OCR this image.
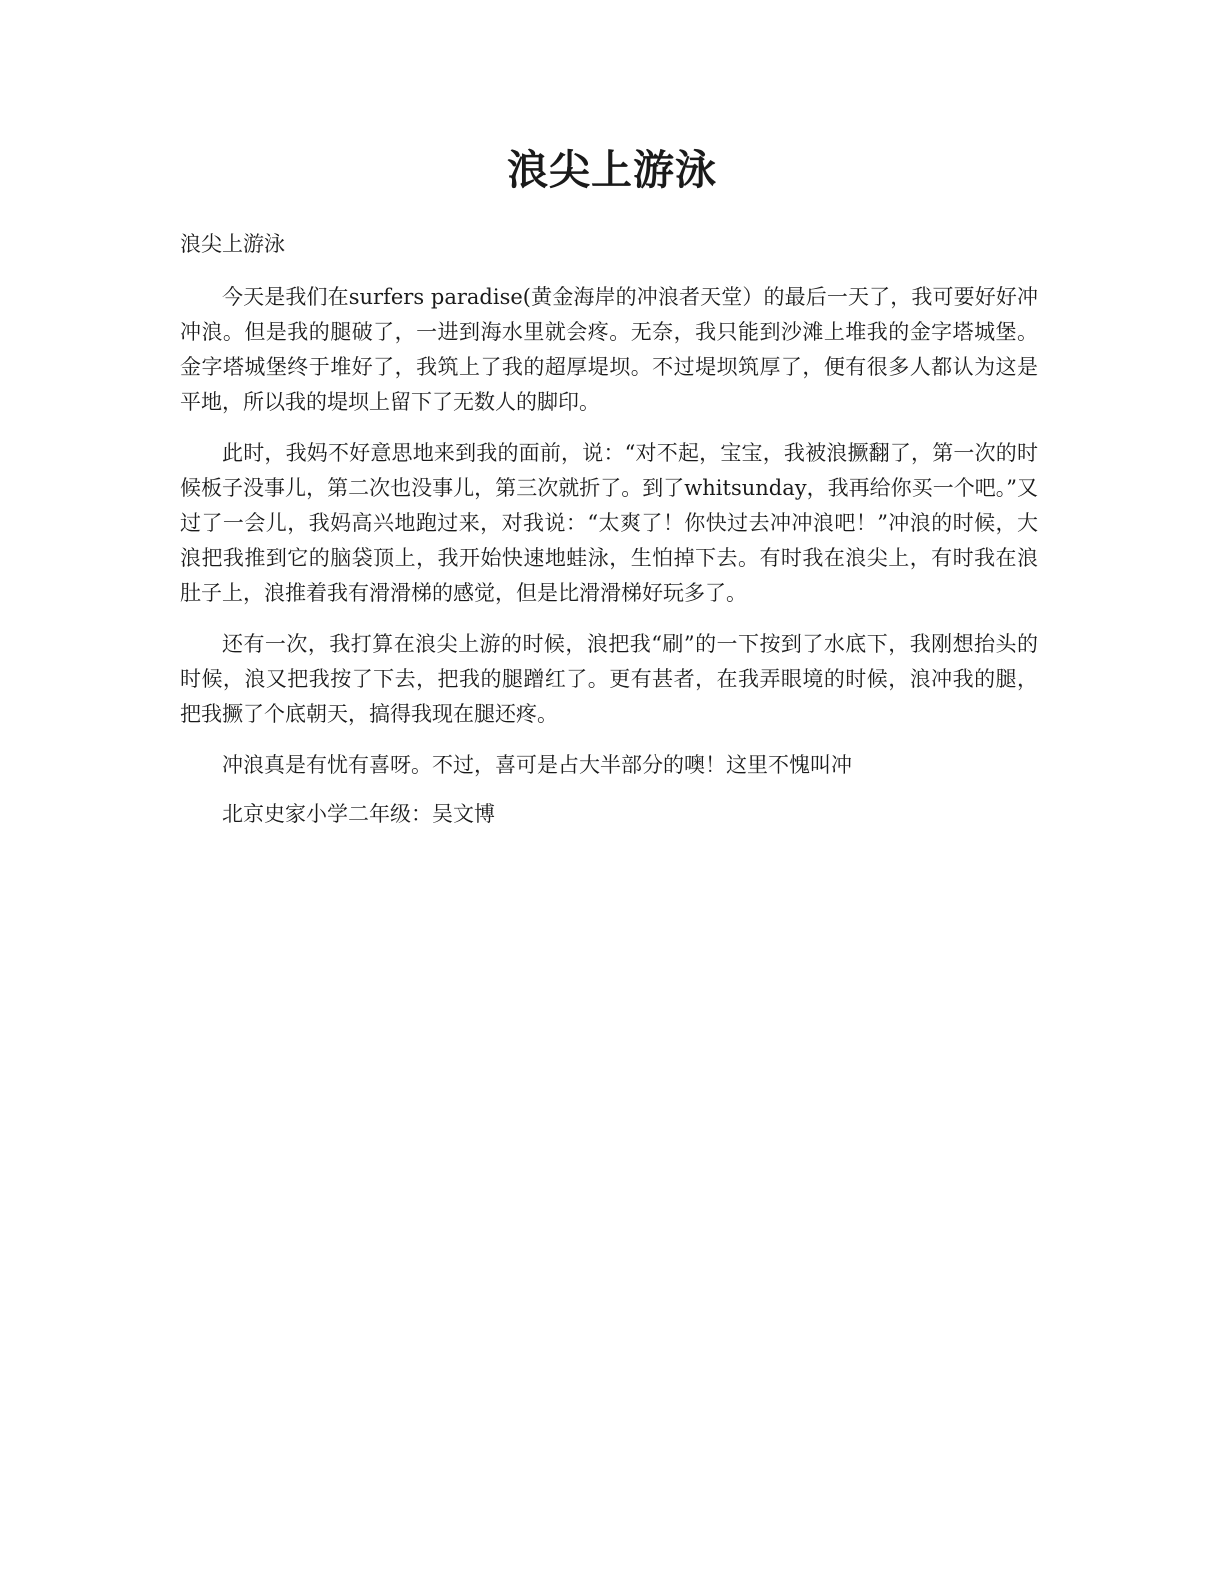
浪尖上游泳

浪尖上游泳

今天是我们在surfers paradise(黄金海岸的冲浪者天堂）的最后一天了，我可要好好冲冲浪。但是我的腿破了，一进到海水里就会疼。无奈，我只能到沙滩上堆我的金字塔城堡。金字塔城堡终于堆好了，我筑上了我的超厚堤坝。不过堤坝筑厚了，便有很多人都认为这是平地，所以我的堤坝上留下了无数人的脚印。

此时，我妈不好意思地来到我的面前，说：“对不起，宝宝，我被浪撅翻了，第一次的时候板子没事儿，第二次也没事儿，第三次就折了。到了whitsunday，我再给你买一个吧。”又过了一会儿，我妈高兴地跑过来，对我说：“太爽了！你快过去冲冲浪吧！”冲浪的时候，大浪把我推到它的脑袋顶上，我开始快速地蛙泳，生怕掉下去。有时我在浪尖上，有时我在浪肚子上，浪推着我有滑滑梯的感觉，但是比滑滑梯好玩多了。

还有一次，我打算在浪尖上游的时候，浪把我“刷”的一下按到了水底下，我刚想抬头的时候，浪又把我按了下去，把我的腿蹭红了。更有甚者，在我弄眼境的时候，浪冲我的腿，把我撅了个底朝天，搞得我现在腿还疼。

冲浪真是有忧有喜呀。不过，喜可是占大半部分的噢！这里不愧叫冲

北京史家小学二年级：吴文博
